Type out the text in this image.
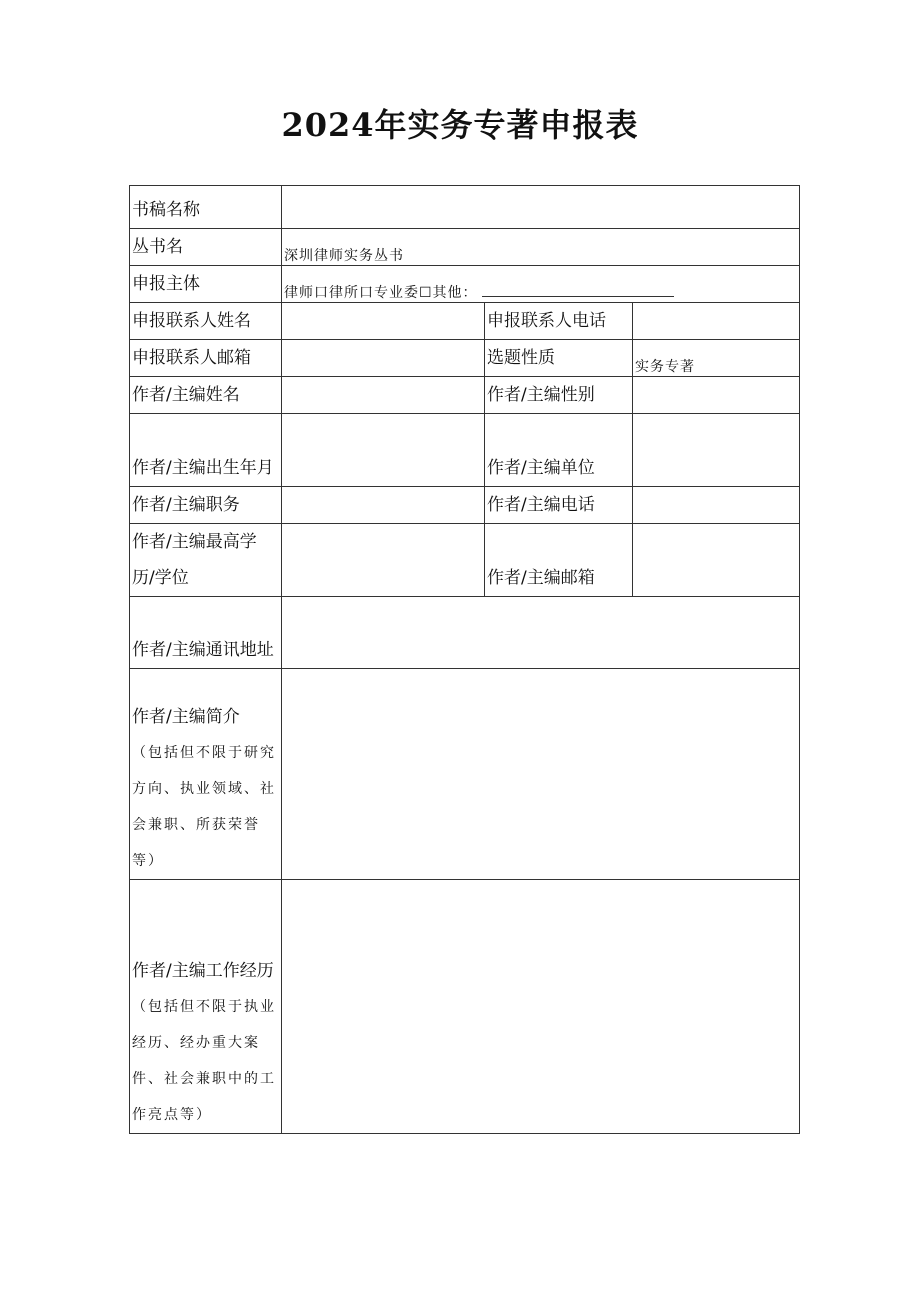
2024年实务专著申报表
书稿名称			
丛书名	深圳律师实务丛书		
申报主体	律师口律所口专业委☐其他：		
申报联系人姓名		申报联系人电话	
申报联系人邮箱		选题性质	实务专著
作者/主编姓名		作者/主编性别	
作者/主编出生年月		作者/主编单位	
作者/主编职务		作者/主编电话	
作者/主编最高学历/学位		作者/主编邮箱	
作者/主编通讯地址			

作者/主编简介
（包括但不限于研究方向、执业领域、社会兼职、所获荣誉等）			

作者/主编工作经历
（包括但不限于执业经历、经办重大案件、社会兼职中的工作亮点等）			
